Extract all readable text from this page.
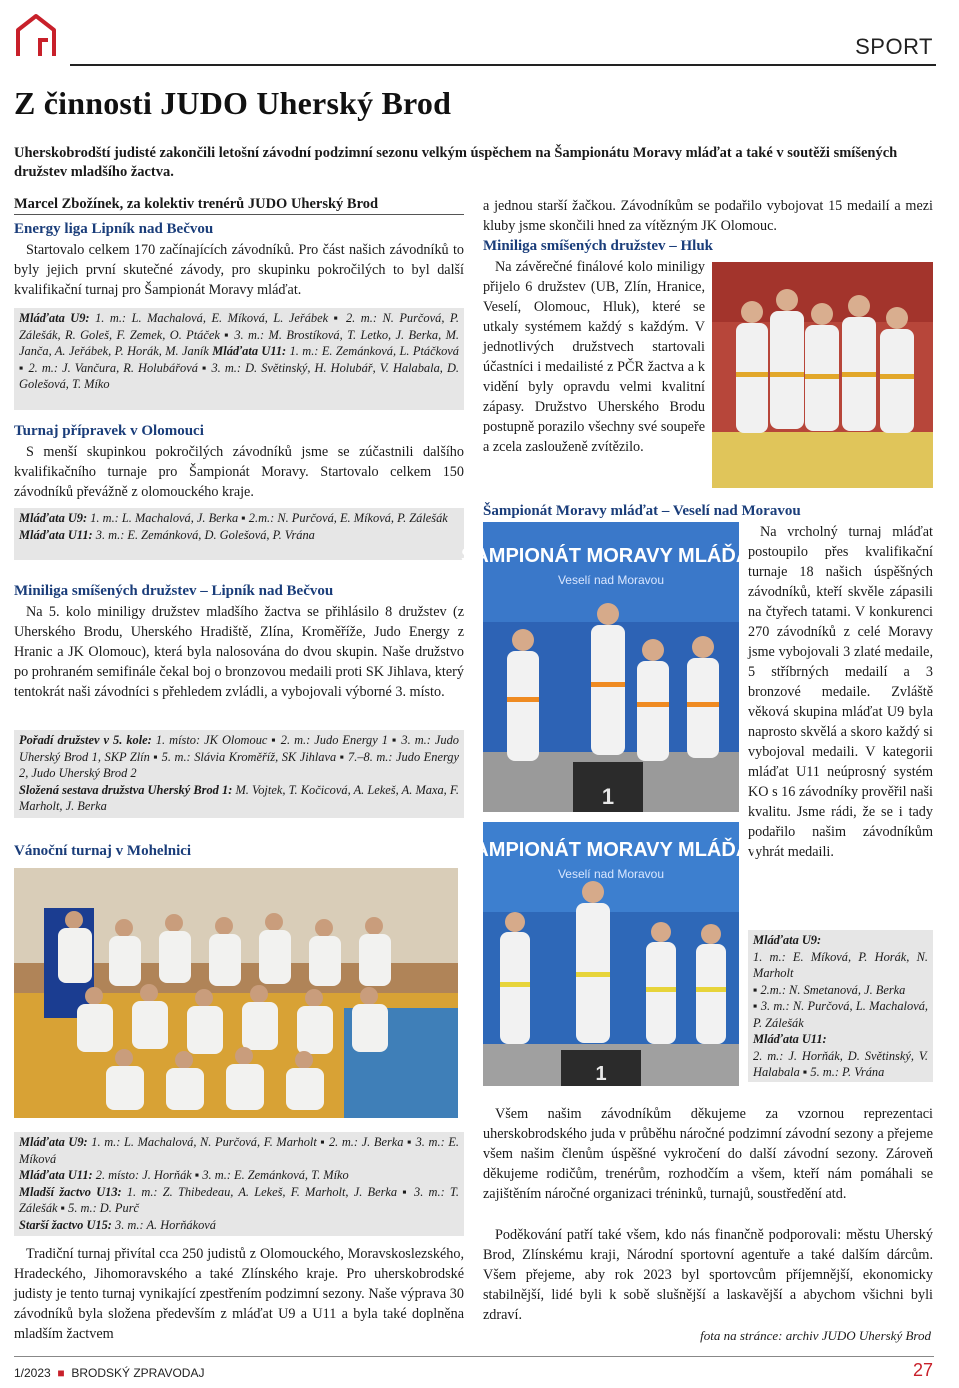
SPORT
Z činnosti JUDO Uherský Brod
Uherskobrodští judisté zakončili letošní závodní podzimní sezonu velkým úspěchem na Šampionátu Moravy mláďat a také v soutěži smíšených družstev mladšího žactva.
Marcel Zbožínek, za kolektiv trenérů JUDO Uherský Brod
Energy liga Lipník nad Bečvou
Startovalo celkem 170 začínajících závodníků. Pro část našich závodníků to byly jejich první skutečné závody, pro skupinku pokročilých to byl další kvalifikační turnaj pro Šampionát Moravy mláďat.
Mláďata U9: 1. m.: L. Machalová, E. Míková, L. Jeřábek ▪ 2. m.: N. Purčová, P. Zálešák, R. Goleš, F. Zemek, O. Ptáček ▪ 3. m.: M. Brostíková, T. Letko, J. Berka, M. Janča, A. Jeřábek, P. Horák, M. Janík Mláďata U11: 1. m.: E. Zemánková, L. Ptáčková ▪ 2. m.: J. Vančura, R. Holubářová ▪ 3. m.: D. Světinský, H. Holubář, V. Halabala, D. Golešová, T. Míko
Turnaj přípravek v Olomouci
S menší skupinkou pokročilých závodníků jsme se zúčastnili dalšího kvalifikačního turnaje pro Šampionát Moravy. Startovalo celkem 150 závodníků převážně z olomouckého kraje.
Mláďata U9: 1. m.: L. Machalová, J. Berka ▪ 2.m.: N. Purčová, E. Míková, P. Zálešák
Mláďata U11: 3. m.: E. Zemánková, D. Golešová, P. Vrána
Miniliga smíšených družstev – Lipník nad Bečvou
Na 5. kolo miniligy družstev mladšího žactva se přihlásilo 8 družstev (z Uherského Brodu, Uherského Hradiště, Zlína, Kroměříže, Judo Energy z Hranic a JK Olomouc), která byla nalosována do dvou skupin. Naše družstvo po prohraném semifinále čekal boj o bronzovou medaili proti SK Jihlava, který tentokrát naši závodníci s přehledem zvládli, a vybojovali výborné 3. místo.
Pořadí družstev v 5. kole: 1. místo: JK Olomouc ▪ 2. m.: Judo Energy 1 ▪ 3. m.: Judo Uherský Brod 1, SKP Zlín ▪ 5. m.: Slávia Kroměříž, SK Jihlava ▪ 7.–8. m.: Judo Energy 2, Judo Uherský Brod 2
Složená sestava družstva Uherský Brod 1: M. Vojtek, T. Kočicová, A. Lekeš, A. Maxa, F. Marholt, J. Berka
Vánoční turnaj v Mohelnici
Mláďata U9: 1. m.: L. Machalová, N. Purčová, F. Marholt ▪ 2. m.: J. Berka ▪ 3. m.: E. Míková
Mláďata U11: 2. místo: J. Horňák ▪ 3. m.: E. Zemánková, T. Míko
Mladší žactvo U13: 1. m.: Z. Thibedeau, A. Lekeš, F. Marholt, J. Berka ▪ 3. m.: T. Zálešák ▪ 5. m.: D. Purč
Starší žactvo U15: 3. m.: A. Horňáková
Tradiční turnaj přivítal cca 250 judistů z Olomouckého, Moravskoslezského, Hradeckého, Jihomoravského a také Zlínského kraje. Pro uherskobrodské judisty je tento turnaj vynikající zpestřením podzimní sezony. Naše výprava 30 závodníků byla složena především z mláďat U9 a U11 a byla také doplněna mladším žactvem
a jednou starší žačkou. Závodníkům se podařilo vybojovat 15 medailí a mezi kluby jsme skončili hned za vítězným JK Olomouc.
Miniliga smíšených družstev – Hluk
Na závěrečné finálové kolo miniligy přijelo 6 družstev (UB, Zlín, Hranice, Veselí, Olomouc, Hluk), které se utkaly systémem každý s každým. V jednotlivých družstvech startovali účastníci i medailisté z PČR žactva a k vidění byly opravdu velmi kvalitní zápasy. Družstvo Uherského Brodu postupně porazilo všechny své soupeře a zcela zaslouženě zvítězilo.
Šampionát Moravy mláďat – Veselí nad Moravou
ŠAMPIONÁT MORAVY MLÁĎAT
Veselí nad Moravou
1
Na vrcholný turnaj mláďat postoupilo přes kvalifikační turnaje 18 našich úspěšných závodníků, kteří skvěle zápasili na čtyřech tatami. V konkurenci 270 závodníků z celé Moravy jsme vybojovali 3 zlaté medaile, 5 stříbrných medailí a 3 bronzové medaile. Zvláště věková skupina mláďat U9 byla naprosto skvělá a skoro každý si vybojoval medaili. V kategorii mláďat U11 neúprosný systém KO s 16 závodníky prověřil naši kvalitu. Jsme rádi, že se i tady podařilo našim závodníkům vyhrát medaili.
ŠAMPIONÁT MORAVY MLÁĎAT
Veselí nad Moravou
1
Mláďata U9:
1. m.: E. Míková, P. Horák, N. Marholt
▪ 2.m.: N. Smetanová, J. Berka
▪ 3. m.: N. Purčová, L. Machalová, P. Zálešák
Mláďata U11:
2. m.: J. Horňák, D. Světinský, V. Halabala ▪ 5. m.: P. Vrána
Všem našim závodníkům děkujeme za vzornou reprezentaci uherskobrodského juda v průběhu náročné podzimní závodní sezony a přejeme všem našim členům úspěšné vykročení do další závodní sezony. Zároveň děkujeme rodičům, trenérům, rozhodčím a všem, kteří nám pomáhali se zajištěním náročné organizaci tréninků, turnajů, soustředění atd.
Poděkování patří také všem, kdo nás finančně podporovali: městu Uherský Brod, Zlínskému kraji, Národní sportovní agentuře a také dalším dárcům. Všem přejeme, aby rok 2023 byl sportovcům příjemnější, ekonomicky stabilnější, lidé byli k sobě slušnější a laskavější a abychom všichni byli zdraví.
fota na stránce: archiv JUDO Uherský Brod
1/2023  ■  BRODSKÝ ZPRAVODAJ	27
